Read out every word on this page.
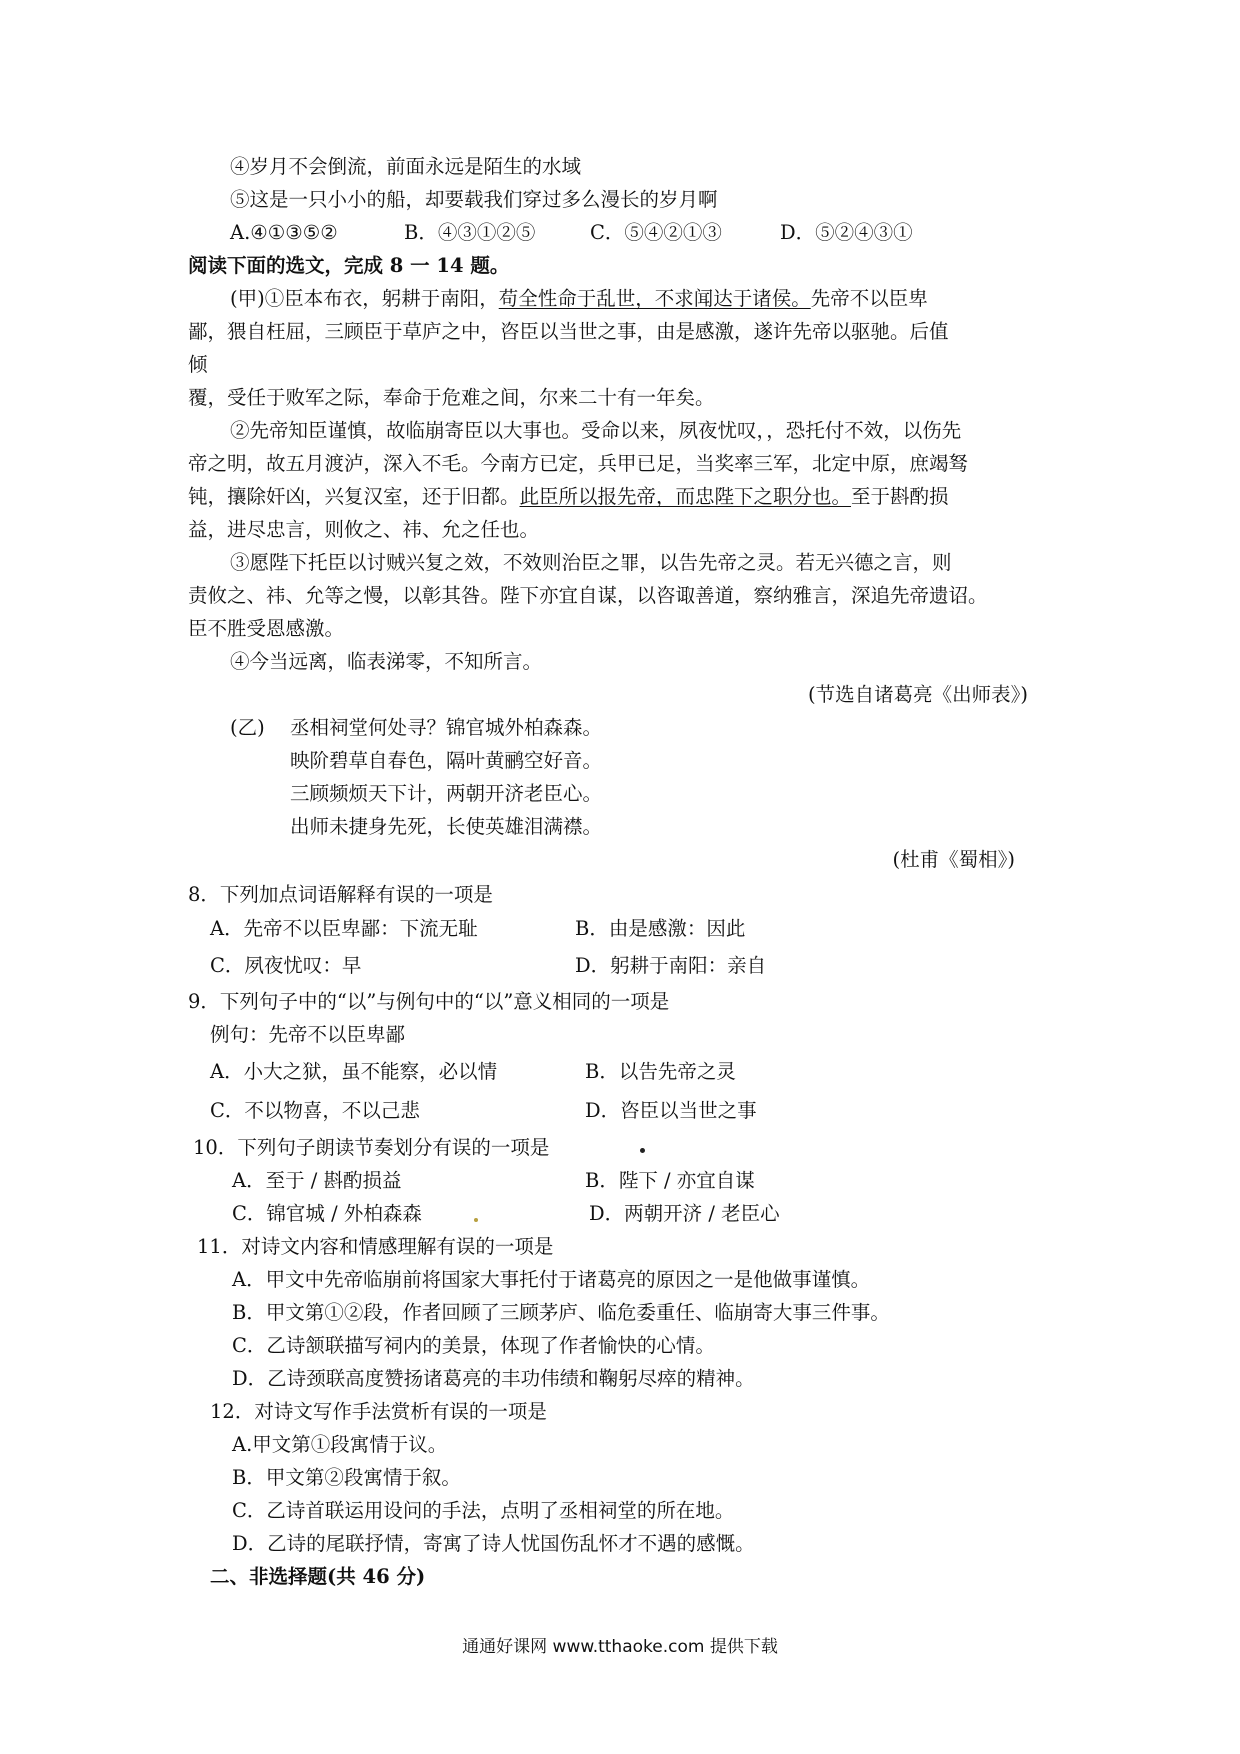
④岁月不会倒流，前面永远是陌生的水域
⑤这是一只小小的船，却要载我们穿过多么漫长的岁月啊
A.④①③⑤②	B．④③①②⑤	C．⑤④②①③	D．⑤②④③①
阅读下面的选文，完成 8 一 14 题。
(甲)①臣本布衣，躬耕于南阳，苟全性命于乱世，不求闻达于诸侯。先帝不以臣卑
鄙，猥自枉屈，三顾臣于草庐之中，咨臣以当世之事，由是感激，遂许先帝以驱驰。后值
倾
覆，受任于败军之际，奉命于危难之间，尔来二十有一年矣。
②先帝知臣谨慎，故临崩寄臣以大事也。受命以来，夙夜忧叹，，恐托付不效，以伤先
帝之明，故五月渡泸，深入不毛。今南方已定，兵甲已足，当奖率三军，北定中原，庶竭驽
钝，攘除奸凶，兴复汉室，还于旧都。此臣所以报先帝，而忠陛下之职分也。至于斟酌损
益，进尽忠言，则攸之、祎、允之任也。
③愿陛下托臣以讨贼兴复之效，不效则治臣之罪，以告先帝之灵。若无兴德之言，则
责攸之、祎、允等之慢，以彰其咎。陛下亦宜自谋，以咨诹善道，察纳雅言，深追先帝遗诏。
臣不胜受恩感激。
④今当远离，临表涕零，不知所言。
(节选自诸葛亮《出师表》)
(乙) 丞相祠堂何处寻？锦官城外柏森森。
映阶碧草自春色，隔叶黄鹂空好音。
三顾频烦天下计，两朝开济老臣心。
出师未捷身先死，长使英雄泪满襟。
(杜甫《蜀相》)
8．下列加点词语解释有误的一项是
A．先帝不以臣卑鄙：下流无耻	B．由是感激：因此
C．夙夜忧叹：早	D．躬耕于南阳：亲自
9．下列句子中的“以”与例句中的“以”意义相同的一项是
例句：先帝不以臣卑鄙
A．小大之狱，虽不能察，必以情	B．以告先帝之灵
C．不以物喜，不以己悲	D．咨臣以当世之事
10．下列句子朗读节奏划分有误的一项是
A．至于 / 斟酌损益	B．陛下 / 亦宜自谋
C．锦官城 / 外柏森森	D．两朝开济 / 老臣心
11．对诗文内容和情感理解有误的一项是
A．甲文中先帝临崩前将国家大事托付于诸葛亮的原因之一是他做事谨慎。
B．甲文第①②段，作者回顾了三顾茅庐、临危委重任、临崩寄大事三件事。
C．乙诗颔联描写祠内的美景，体现了作者愉快的心情。
D．乙诗颈联高度赞扬诸葛亮的丰功伟绩和鞠躬尽瘁的精神。
12．对诗文写作手法赏析有误的一项是
A.甲文第①段寓情于议。
B．甲文第②段寓情于叙。
C．乙诗首联运用设问的手法，点明了丞相祠堂的所在地。
D．乙诗的尾联抒情，寄寓了诗人忧国伤乱怀才不遇的感慨。
二、非选择题(共 46 分)
通通好课网 www.tthaoke.com 提供下载
